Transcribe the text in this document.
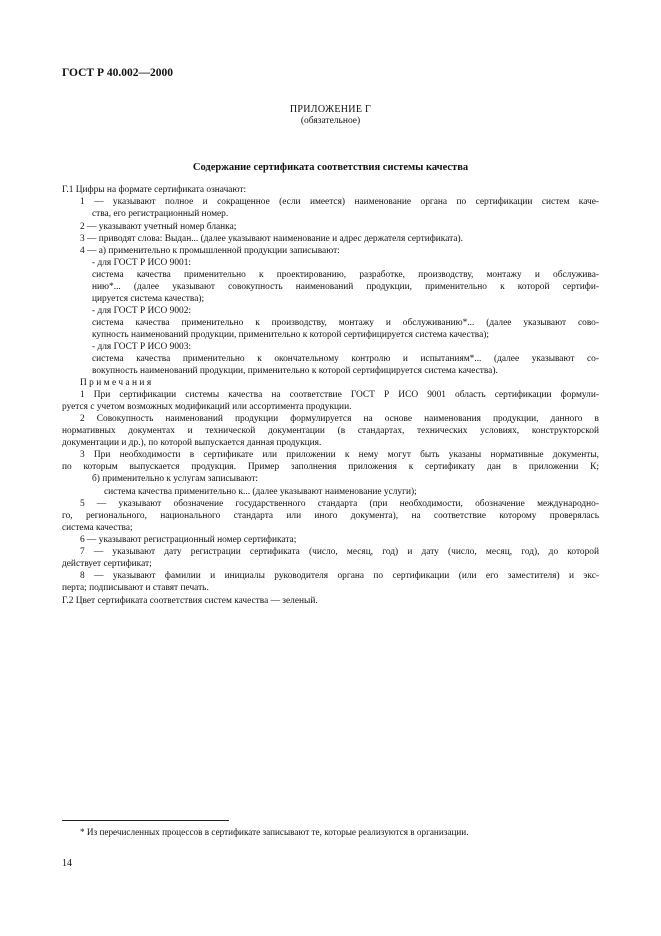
ГОСТ Р 40.002—2000
ПРИЛОЖЕНИЕ Г
(обязательное)
Содержание сертификата соответствия системы качества
Г.1 Цифры на формате сертификата означают:
1 — указывают полное и сокращенное (если имеется) наименование органа по сертификации систем каче-
ства, его регистрационный номер.
2 — указывают учетный номер бланка;
3 — приводят слова: Выдан... (далее указывают наименование и адрес держателя сертификата).
4 — а) применительно к промышленной продукции записывают:
- для ГОСТ Р ИСО 9001:
система качества применительно к проектированию, разработке, производству, монтажу и обслужива-
нию*... (далее указывают совокупность наименований продукции, применительно к которой сертифи-
цируется система качества);
- для ГОСТ Р ИСО 9002:
система качества применительно к производству, монтажу и обслуживанию*... (далее указывают сово-
купность наименований продукции, применительно к которой сертифицируется система качества);
- для ГОСТ Р ИСО 9003:
система качества применительно к окончательному контролю и испытаниям*... (далее указывают со-
вокупность наименований продукции, применительно к которой сертифицируется система качества).
Примечания
1 При сертификации системы качества на соответствие ГОСТ Р ИСО 9001 область сертификации формули-
руется с учетом возможных модификаций или ассортимента продукции.
2 Совокупность наименований продукции формулируется на основе наименования продукции, данного в
нормативных документах и технической документации (в стандартах, технических условиях, конструкторской
документации и др.), по которой выпускается данная продукция.
3 При необходимости в сертификате или приложении к нему могут быть указаны нормативные документы,
по которым выпускается продукция. Пример заполнения приложения к сертификату дан в приложении К;
б) применительно к услугам записывают:
система качества применительно к... (далее указывают наименование услуги);
5 — указывают обозначение государственного стандарта (при необходимости, обозначение международно-
го, регионального, национального стандарта или иного документа), на соответствие которому проверялась
система качества;
6 — указывают регистрационный номер сертификата;
7 — указывают дату регистрации сертификата (число, месяц, год) и дату (число, месяц, год), до которой
действует сертификат;
8 — указывают фамилии и инициалы руководителя органа по сертификации (или его заместителя) и экс-
перта; подписывают и ставят печать.
Г.2 Цвет сертификата соответствия систем качества — зеленый.
* Из перечисленных процессов в сертификате записывают те, которые реализуются в организации.
14
